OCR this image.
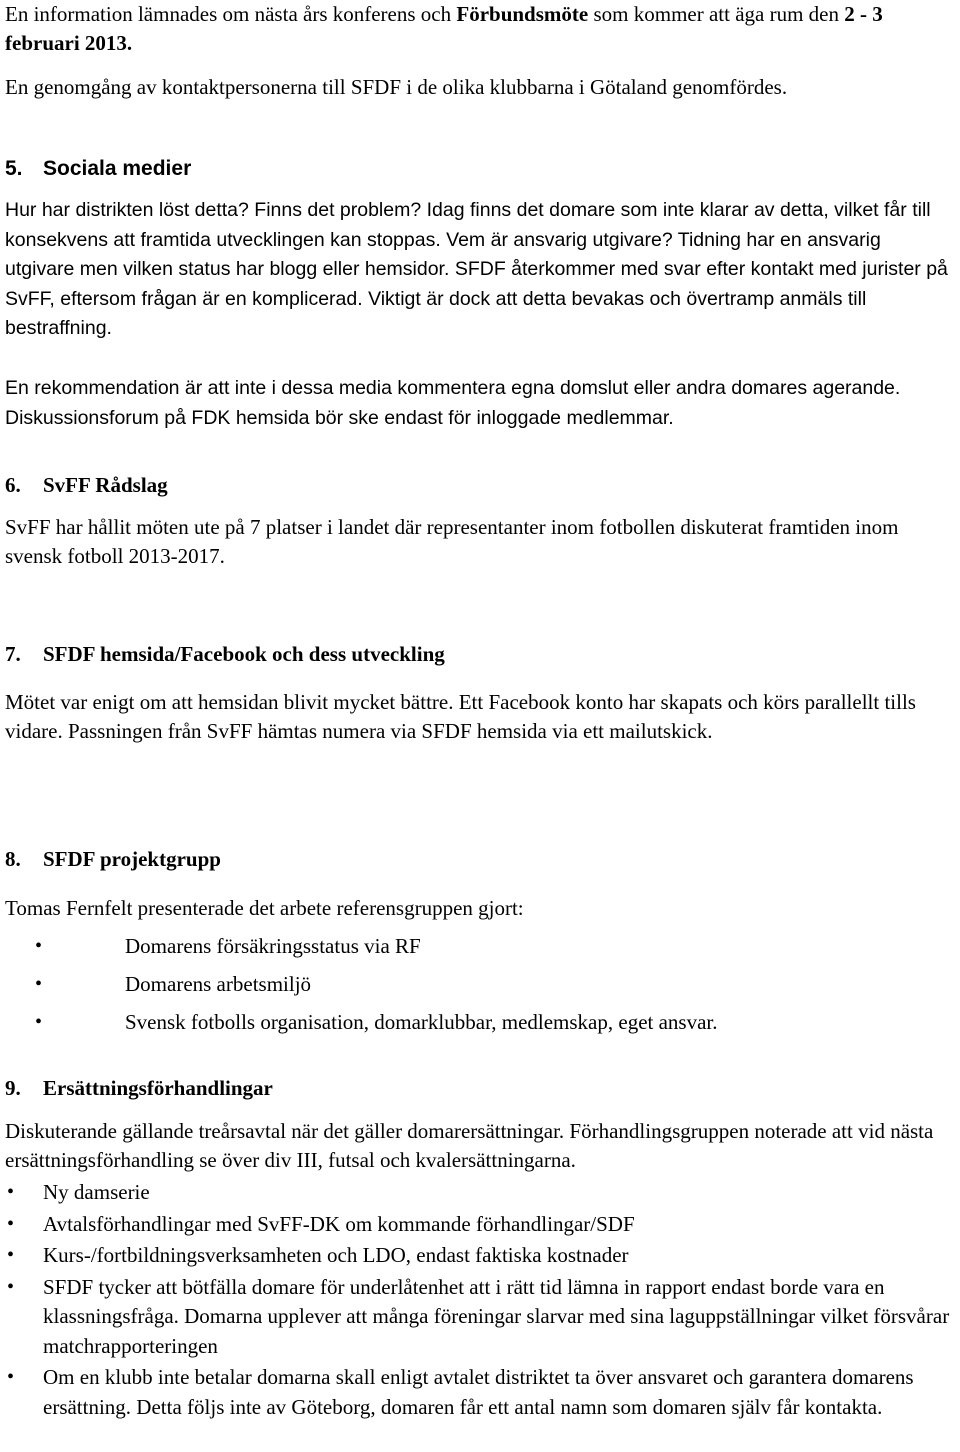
En information lämnades om nästa års konferens och Förbundsmöte som kommer att äga rum den 2 - 3 februari 2013.

En genomgång av kontaktpersonerna till SFDF i de olika klubbarna i Götaland genomfördes.

5. Sociala medier

Hur har distrikten löst detta? Finns det problem? Idag finns det domare som inte klarar av detta, vilket får till konsekvens att framtida utvecklingen kan stoppas. Vem är ansvarig utgivare? Tidning har en ansvarig utgivare men vilken status har blogg eller hemsidor. SFDF återkommer med svar efter kontakt med jurister på SvFF, eftersom frågan är en komplicerad. Viktigt är dock att detta bevakas och övertramp anmäls till bestraffning.

En rekommendation är att inte i dessa media kommentera egna domslut eller andra domares agerande. Diskussionsforum på FDK hemsida bör ske endast för inloggade medlemmar.

6. SvFF Rådslag

SvFF har hållit möten ute på 7 platser i landet där representanter inom fotbollen diskuterat framtiden inom svensk fotboll 2013-2017.

7. SFDF hemsida/Facebook och dess utveckling

Mötet var enigt om att hemsidan blivit mycket bättre. Ett Facebook konto har skapats och körs parallellt tills vidare. Passningen från SvFF hämtas numera via SFDF hemsida via ett mailutskick.

8. SFDF projektgrupp

Tomas Fernfelt presenterade det arbete referensgruppen gjort:

•	Domarens försäkringsstatus via RF
•	Domarens arbetsmiljö
•	Svensk fotbolls organisation, domarklubbar, medlemskap, eget ansvar.
9. Ersättningsförhandlingar

Diskuterande gällande treårsavtal när det gäller domarersättningar. Förhandlingsgruppen noterade att vid nästa ersättningsförhandling se över div III, futsal och kvalersättningarna.

• Ny damserie
• Avtalsförhandlingar med SvFF-DK om kommande förhandlingar/SDF
• Kurs-/fortbildningsverksamheten och LDO, endast faktiska kostnader
• SFDF tycker att bötfälla domare för underlåtenhet att i rätt tid lämna in rapport endast borde vara en klassningsfråga. Domarna upplever att många föreningar slarvar med sina laguppställningar vilket försvårar matchrapporteringen
• Om en klubb inte betalar domarna skall enligt avtalet distriktet ta över ansvaret och garantera domarens ersättning. Detta följs inte av Göteborg, domaren får ett antal namn som domaren själv får kontakta.
